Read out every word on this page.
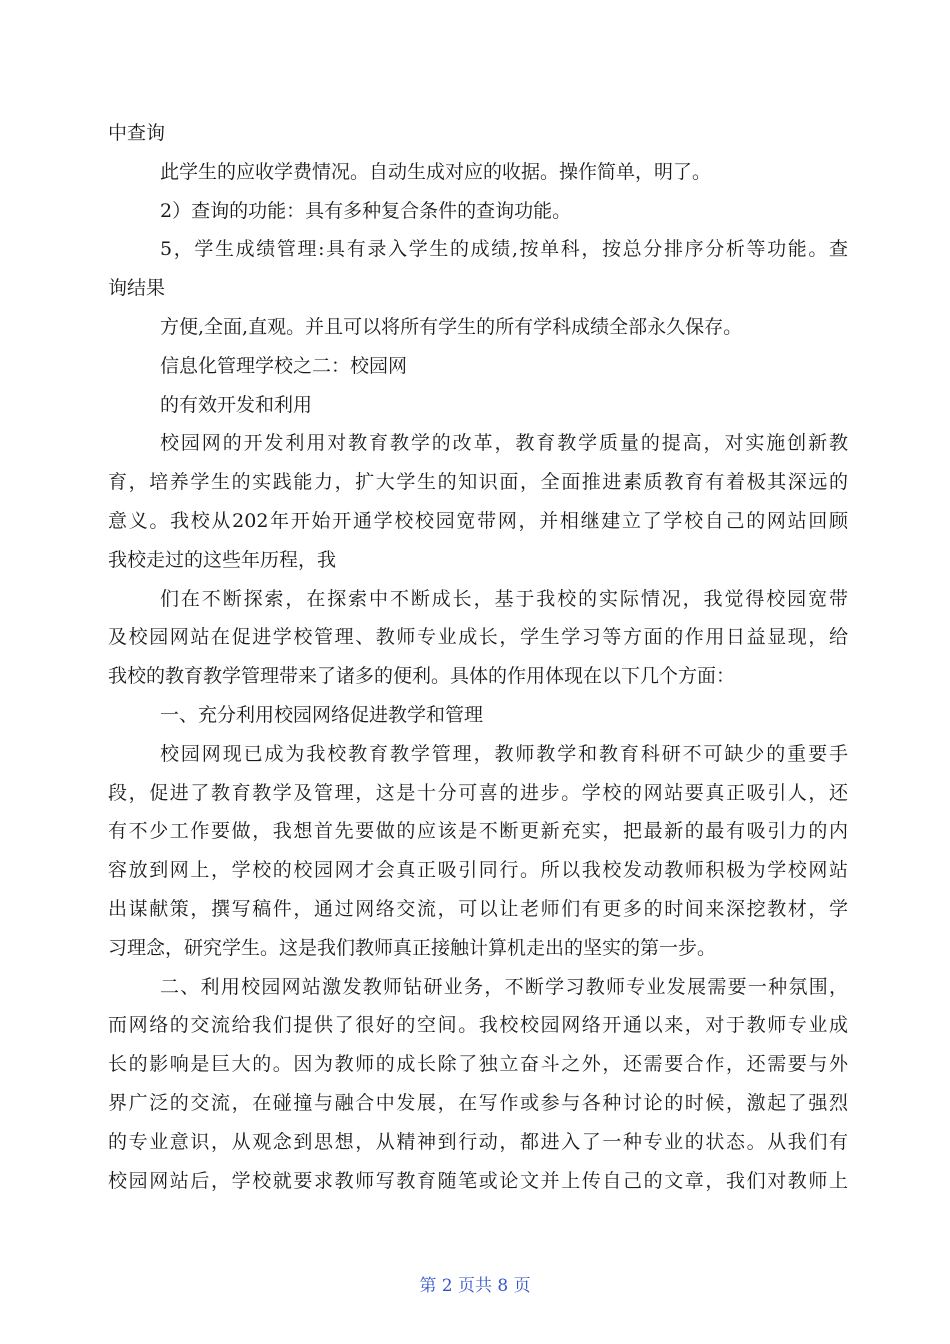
中查询
此学生的应收学费情况。自动生成对应的收据。操作简单，明了。
2）查询的功能：具有多种复合条件的查询功能。
5，学生成绩管理:具有录入学生的成绩,按单科，按总分排序分析等功能。查
询结果
方便,全面,直观。并且可以将所有学生的所有学科成绩全部永久保存。
信息化管理学校之二：校园网
的有效开发和利用
校园网的开发利用对教育教学的改革，教育教学质量的提高，对实施创新教
育，培养学生的实践能力，扩大学生的知识面，全面推进素质教育有着极其深远的
意义。我校从202年开始开通学校校园宽带网，并相继建立了学校自己的网站回顾
我校走过的这些年历程，我
们在不断探索，在探索中不断成长，基于我校的实际情况，我觉得校园宽带
及校园网站在促进学校管理、教师专业成长，学生学习等方面的作用日益显现，给
我校的教育教学管理带来了诸多的便利。具体的作用体现在以下几个方面：
一、充分利用校园网络促进教学和管理
校园网现已成为我校教育教学管理，教师教学和教育科研不可缺少的重要手
段，促进了教育教学及管理，这是十分可喜的进步。学校的网站要真正吸引人，还
有不少工作要做，我想首先要做的应该是不断更新充实，把最新的最有吸引力的内
容放到网上，学校的校园网才会真正吸引同行。所以我校发动教师积极为学校网站
出谋献策，撰写稿件，通过网络交流，可以让老师们有更多的时间来深挖教材，学
习理念，研究学生。这是我们教师真正接触计算机走出的坚实的第一步。
二、利用校园网站激发教师钻研业务，不断学习教师专业发展需要一种氛围，
而网络的交流给我们提供了很好的空间。我校校园网络开通以来，对于教师专业成
长的影响是巨大的。因为教师的成长除了独立奋斗之外，还需要合作，还需要与外
界广泛的交流，在碰撞与融合中发展，在写作或参与各种讨论的时候，激起了强烈
的专业意识，从观念到思想，从精神到行动，都进入了一种专业的状态。从我们有
校园网站后，学校就要求教师写教育随笔或论文并上传自己的文章，我们对教师上
第 2 页共 8 页
